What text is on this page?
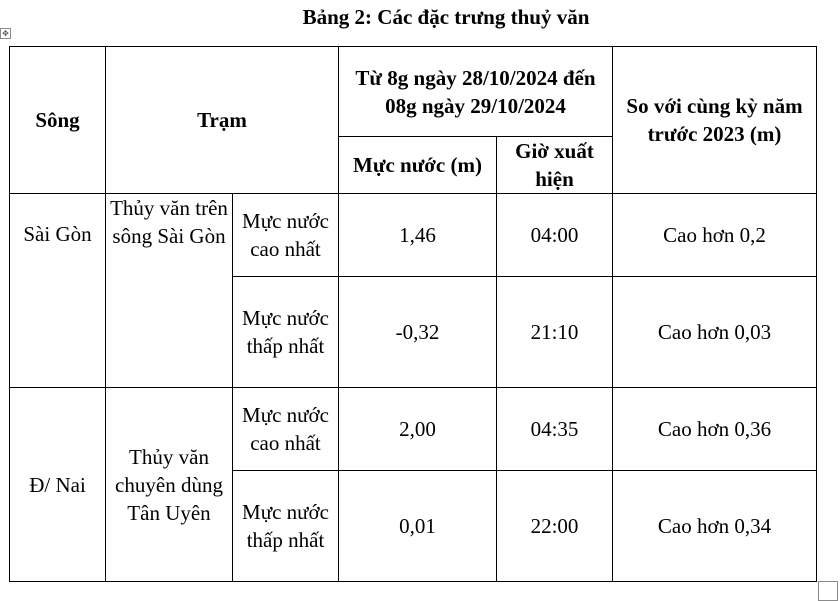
Bảng 2: Các đặc trưng thuỷ văn
✥
Sông	Trạm		Từ 8g ngày 28/10/2024 đến 08g ngày 29/10/2024		So với cùng kỳ năm trước 2023 (m)
			Mực nước (m)	Giờ xuất hiện	
Sài Gòn	Thủy văn trên sông Sài Gòn	Mực nước cao nhất	1,46	04:00	Cao hơn 0,2
		Mực nước thấp nhất	-0,32	21:10	Cao hơn 0,03
Đ/ Nai	Thủy văn chuyên dùng Tân Uyên	Mực nước cao nhất	2,00	04:35	Cao hơn 0,36
		Mực nước thấp nhất	0,01	22:00	Cao hơn 0,34
